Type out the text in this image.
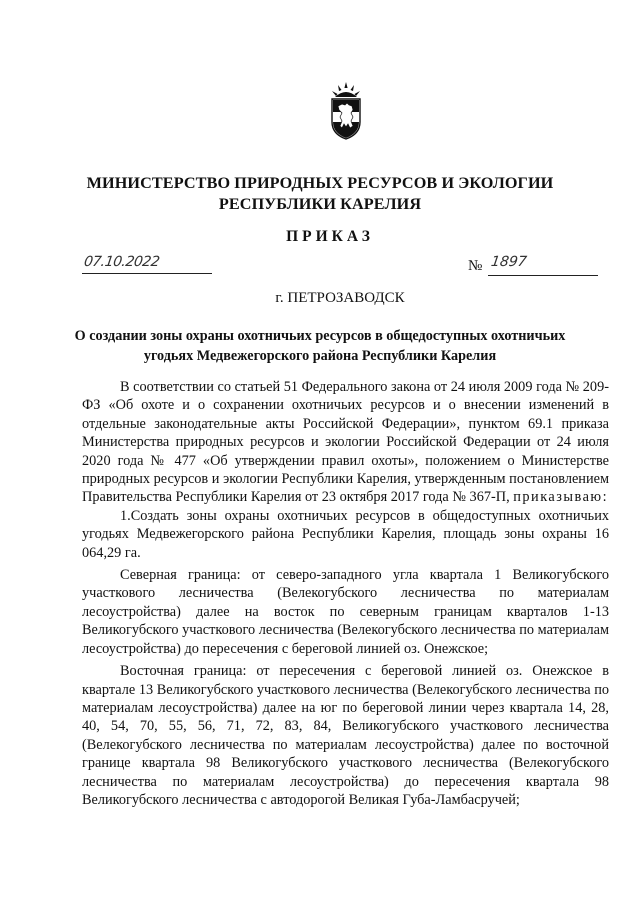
МИНИСТЕРСТВО ПРИРОДНЫХ РЕСУРСОВ И ЭКОЛОГИИ
РЕСПУБЛИКИ КАРЕЛИЯ
ПРИКАЗ
07.10.2022	№ 1897
г. ПЕТРОЗАВОДСК
О создании зоны охраны охотничьих ресурсов в общедоступных охотничьих
угодьях Медвежегорского района Республики Карелия

В соответствии со статьей 51 Федерального закона от 24 июля 2009 года № 209-ФЗ «Об охоте и о сохранении охотничьих ресурсов и о внесении изменений в отдельные законодательные акты Российской Федерации», пунктом 69.1 приказа Министерства природных ресурсов и экологии Российской Федерации от 24 июля 2020 года № 477 «Об утверждении правил охоты», положением о Министерстве природных ресурсов и экологии Республики Карелия, утвержденным постановлением Правительства Республики Карелия от 23 октября 2017 года № 367-П, приказываю:

1.Создать зоны охраны охотничьих ресурсов в общедоступных охотничьих угодьях Медвежегорского района Республики Карелия, площадь зоны охраны 16 064,29 га.

Северная граница: от северо-западного угла квартала 1 Великогубского участкового лесничества (Велекогубского лесничества по материалам лесоустройства) далее на восток по северным границам кварталов 1-13 Великогубского участкового лесничества (Велекогубского лесничества по материалам лесоустройства) до пересечения с береговой линией оз. Онежское;

Восточная граница: от пересечения с береговой линией оз. Онежское в квартале 13 Великогубского участкового лесничества (Велекогубского лесничества по материалам лесоустройства) далее на юг по береговой линии через квартала 14, 28, 40, 54, 70, 55, 56, 71, 72, 83, 84, Великогубского участкового лесничества (Велекогубского лесничества по материалам лесоустройства) далее по восточной границе квартала 98 Великогубского участкового лесничества (Велекогубского лесничества по материалам лесоустройства) до пересечения квартала 98 Великогубского лесничества с автодорогой Великая Губа-Ламбасручей;
